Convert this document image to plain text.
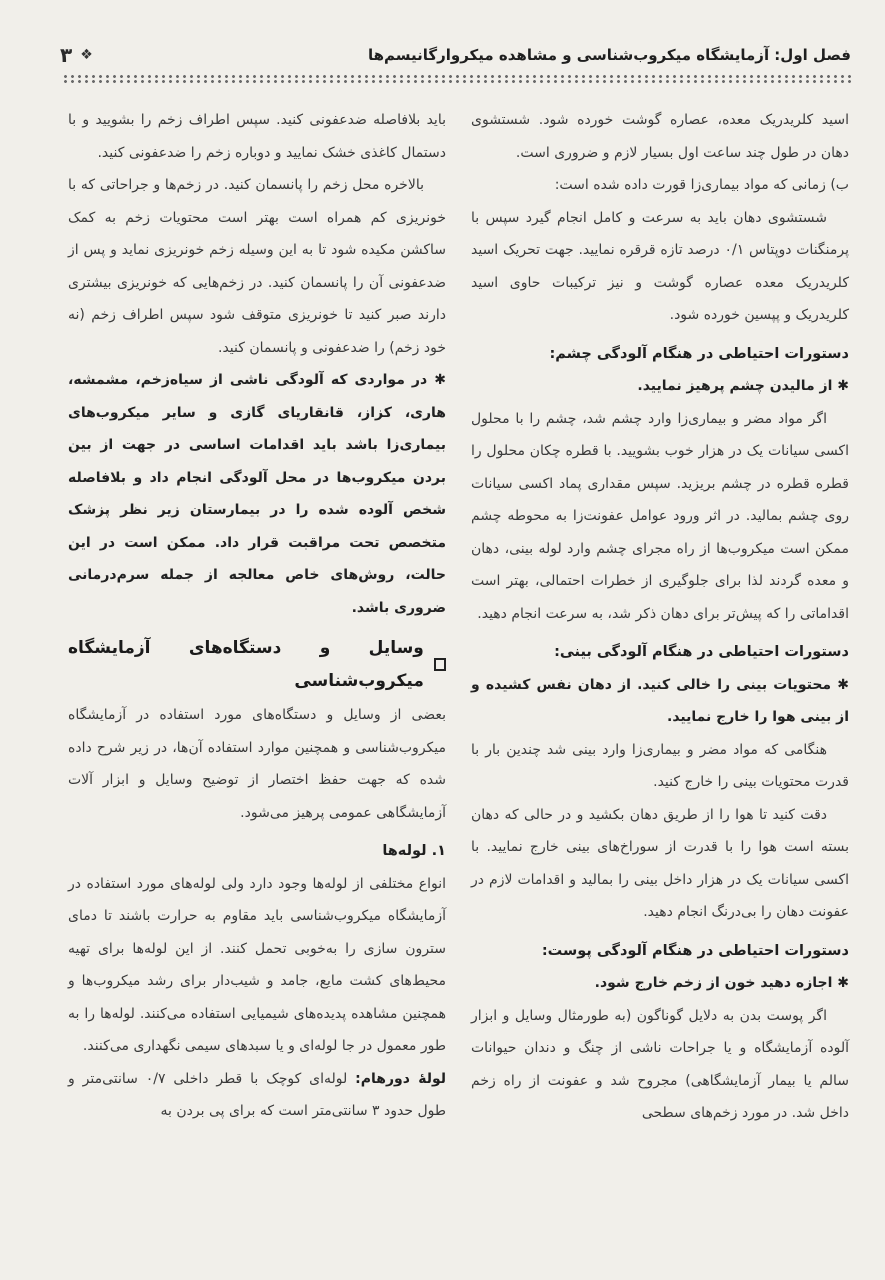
فصل اول: آزمایشگاه میکروب‌شناسی و مشاهده میکروارگانیسم‌ها
۳ ❖

اسید کلریدریک معده، عصاره گوشت خورده شود. شستشوی دهان در طول چند ساعت اول بسیار لازم و ضروری است.

ب) زمانی که مواد بیماری‌زا قورت داده شده است:

شستشوی دهان باید به سرعت و کامل انجام گیرد سپس با پرمنگنات دوپتاس ۰/۱ درصد تازه قرقره نمایید. جهت تحریک اسید کلریدریک معده عصاره گوشت و نیز ترکیبات حاوی اسید کلریدریک و پپسین خورده شود.

دستورات احتیاطی در هنگام آلودگی چشم:

✱ از مالیدن چشم پرهیز نمایید.

اگر مواد مضر و بیماری‌زا وارد چشم شد، چشم را با محلول اکسی سیانات یک در هزار خوب بشویید. با قطره چکان محلول را قطره قطره در چشم بریزید. سپس مقداری پماد اکسی سیانات روی چشم بمالید. در اثر ورود عوامل عفونت‌زا به محوطه چشم ممکن است میکروب‌ها از راه مجرای چشم وارد لوله بینی، دهان و معده گردند لذا برای جلوگیری از خطرات احتمالی، بهتر است اقداماتی را که پیش‌تر برای دهان ذکر شد، به سرعت انجام دهید.

دستورات احتیاطی در هنگام آلودگی بینی:

✱ محتویات بینی را خالی کنید. از دهان نفس کشیده و از بینی هوا را خارج نمایید.

هنگامی که مواد مضر و بیماری‌زا وارد بینی شد چندین بار با قدرت محتویات بینی را خارج کنید.

دقت کنید تا هوا را از طریق دهان بکشید و در حالی که دهان بسته است هوا را با قدرت از سوراخ‌های بینی خارج نمایید. با اکسی سیانات یک در هزار داخل بینی را بمالید و اقدامات لازم در عفونت دهان را بی‌درنگ انجام دهید.

دستورات احتیاطی در هنگام آلودگی پوست:

✱ اجازه دهید خون از زخم خارج شود.

اگر پوست بدن به دلایل گوناگون (به طورمثال وسایل و ابزار آلوده آزمایشگاه و یا جراحات ناشی از چنگ و دندان حیوانات سالم یا بیمار آزمایشگاهی) مجروح شد و عفونت از راه زخم داخل شد. در مورد زخم‌های سطحی

باید بلافاصله ضدعفونی کنید. سپس اطراف زخم را بشویید و با دستمال کاغذی خشک نمایید و دوباره زخم را ضدعفونی کنید.

بالاخره محل زخم را پانسمان کنید. در زخم‌ها و جراحاتی که با خونریزی کم همراه است بهتر است محتویات زخم به کمک ساکشن مکیده شود تا به این وسیله زخم خونریزی نماید و پس از ضدعفونی آن را پانسمان کنید. در زخم‌هایی که خونریزی بیشتری دارند صبر کنید تا خونریزی متوقف شود سپس اطراف زخم (نه خود زخم) را ضدعفونی و پانسمان کنید.

✱ در مواردی که آلودگی ناشی از سیاه‌زخم، مشمشه، هاری، کزاز، قانقاریای گازی و سایر میکروب‌های بیماری‌زا باشد باید اقدامات اساسی در جهت از بین بردن میکروب‌ها در محل آلودگی انجام داد و بلافاصله شخص آلوده شده را در بیمارستان زیر نظر پزشک متخصص تحت مراقبت قرار داد. ممکن است در این حالت، روش‌های خاص معالجه از جمله سرم‌درمانی ضروری باشد.

وسایل و دستگاه‌های آزمایشگاه میکروب‌شناسی

بعضی از وسایل و دستگاه‌های مورد استفاده در آزمایشگاه میکروب‌شناسی و همچنین موارد استفاده آن‌ها، در زیر شرح داده شده که جهت حفظ اختصار از توضیح وسایل و ابزار آلات آزمایشگاهی عمومی پرهیز می‌شود.

۱. لوله‌ها

انواع مختلفی از لوله‌ها وجود دارد ولی لوله‌های مورد استفاده در آزمایشگاه میکروب‌شناسی باید مقاوم به حرارت باشند تا دمای سترون سازی را به‌خوبی تحمل کنند. از این لوله‌ها برای تهیه محیط‌های کشت مایع، جامد و شیب‌دار برای رشد میکروب‌ها و همچنین مشاهده پدیده‌های شیمیایی استفاده می‌کنند. لوله‌ها را به طور معمول در جا لوله‌ای و یا سبدهای سیمی نگهداری می‌کنند.

لولهٔ دورهام: لوله‌ای کوچک با قطر داخلی ۰/۷ سانتی‌متر و طول حدود ۳ سانتی‌متر است که برای پی بردن به
